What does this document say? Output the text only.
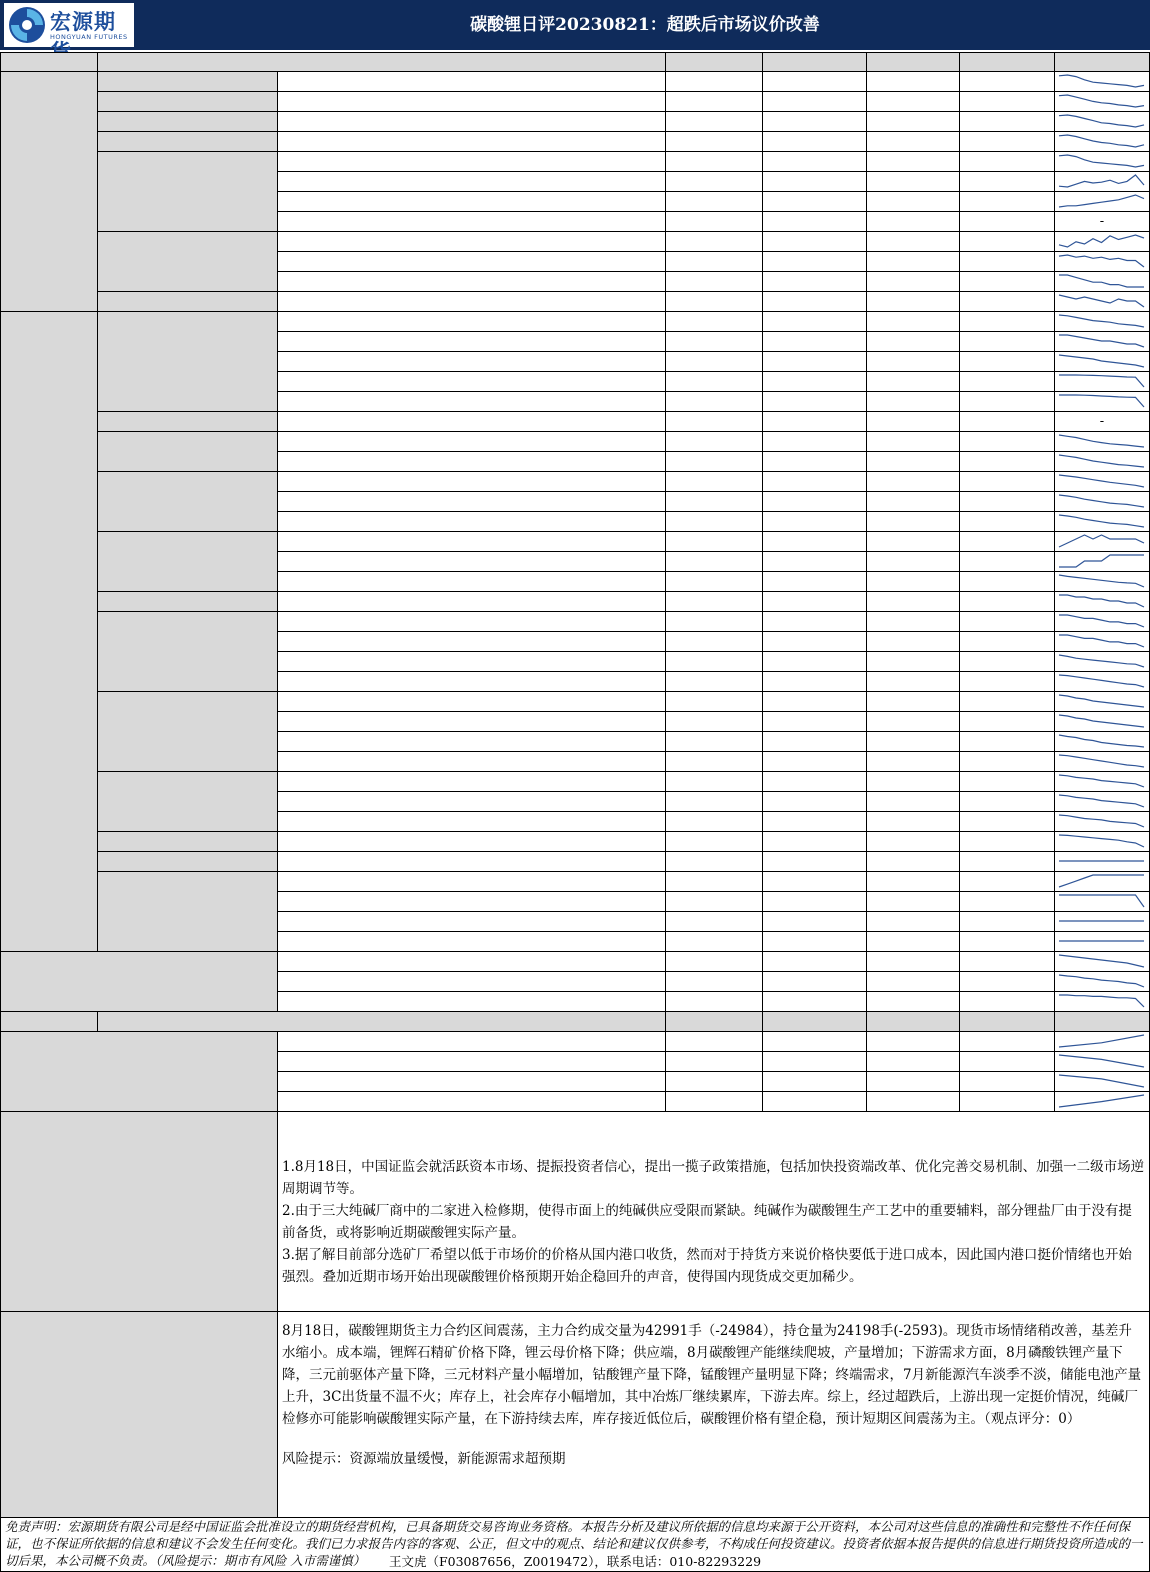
宏源期
HONGYUAN FUTURES
碳酸锂日评20230821：超跌后市场议价改善
-
-
1.8月18日，中国证监会就活跃资本市场、提振投资者信心，提出一揽子政策措施，包括加快投资端改革、优化完善交易机制、加强一二级市场逆周期调节等。
2.由于三大纯碱厂商中的二家进入检修期，使得市面上的纯碱供应受限而紧缺。纯碱作为碳酸锂生产工艺中的重要辅料，部分锂盐厂由于没有提前备货，或将影响近期碳酸锂实际产量。
3.据了解目前部分选矿厂希望以低于市场价的价格从国内港口收货，然而对于持货方来说价格快要低于进口成本，因此国内港口挺价情绪也开始强烈。叠加近期市场开始出现碳酸锂价格预期开始企稳回升的声音，使得国内现货成交更加稀少。
8月18日，碳酸锂期货主力合约区间震荡，主力合约成交量为42991手（-24984），持仓量为24198手(-2593)。现货市场情绪稍改善，基差升水缩小。成本端，锂辉石精矿价格下降，锂云母价格下降；供应端，8月碳酸锂产能继续爬坡，产量增加；下游需求方面，8月磷酸铁锂产量下降，三元前驱体产量下降，三元材料产量小幅增加，钴酸锂产量下降，锰酸锂产量明显下降；终端需求，7月新能源汽车淡季不淡，储能电池产量上升，3C出货量不温不火；库存上，社会库存小幅增加，其中冶炼厂继续累库，下游去库。综上，经过超跌后，上游出现一定挺价情况，纯碱厂检修亦可能影响碳酸锂实际产量，在下游持续去库，库存接近低位后，碳酸锂价格有望企稳，预计短期区间震荡为主。（观点评分：0）
风险提示：资源端放量缓慢，新能源需求超预期
免责声明：宏源期货有限公司是经中国证监会批准设立的期货经营机构，已具备期货交易咨询业务资格。本报告分析及建议所依据的信息均来源于公开资料，本公司对这些信息的准确性和完整性不作任何保证，也不保证所依据的信息和建议不会发生任何变化。我们已力求报告内容的客观、公正，但文中的观点、结论和建议仅供参考，不构成任何投资建议。投资者依据本报告提供的信息进行期货投资所造成的一切后果，本公司概不负责。（风险提示：期市有风险 入市需谨慎）	王文虎（F03087656，Z0019472），联系电话：010-82293229
